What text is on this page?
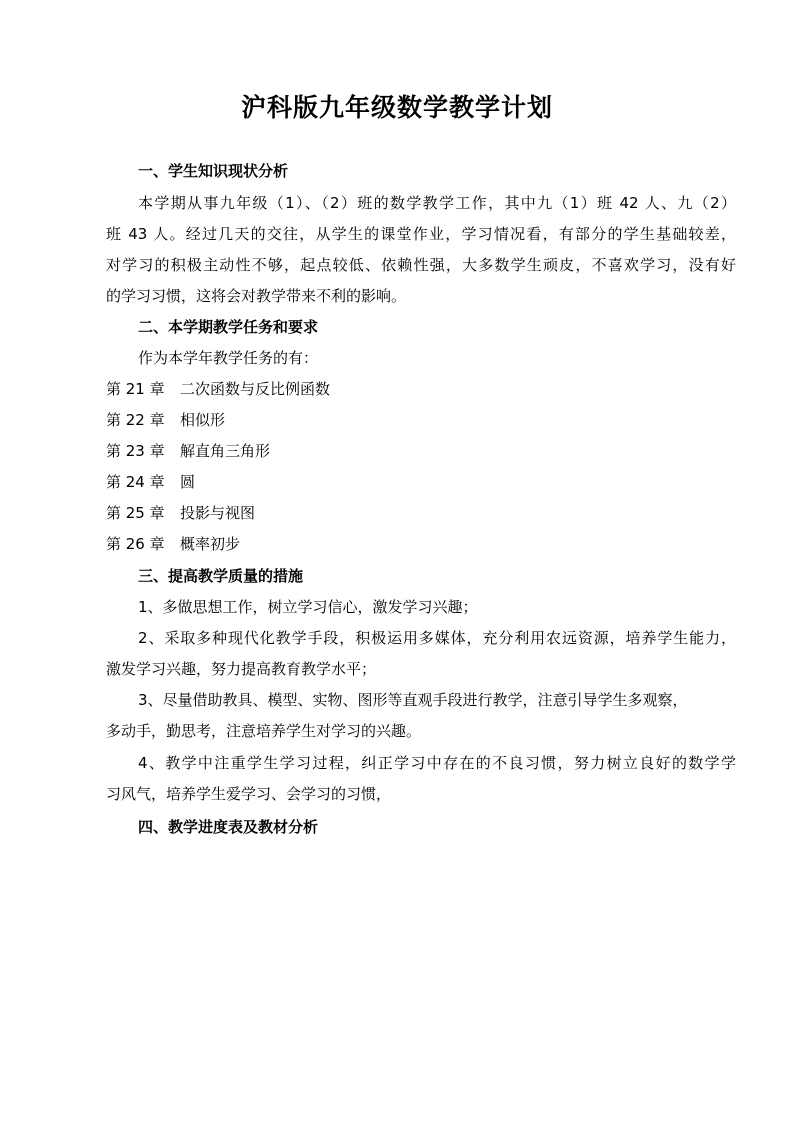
沪科版九年级数学教学计划
一、学生知识现状分析
本学期从事九年级（1）、（2）班的数学教学工作，其中九（1）班 42 人、九（2）
班 43 人。经过几天的交往，从学生的课堂作业，学习情况看，有部分的学生基础较差，
对学习的积极主动性不够，起点较低、依赖性强，大多数学生顽皮，不喜欢学习，没有好
的学习习惯，这将会对教学带来不利的影响。
二、本学期教学任务和要求
作为本学年教学任务的有：
第 21 章 二次函数与反比例函数
第 22 章 相似形
第 23 章 解直角三角形
第 24 章 圆
第 25 章 投影与视图
第 26 章 概率初步
三、提高教学质量的措施
1、多做思想工作，树立学习信心，激发学习兴趣；
2、采取多种现代化教学手段，积极运用多媒体，充分利用农远资源，培养学生能力，
激发学习兴趣，努力提高教育教学水平；
3、尽量借助教具、模型、实物、图形等直观手段进行教学，注意引导学生多观察，
多动手，勤思考，注意培养学生对学习的兴趣。
4、教学中注重学生学习过程，纠正学习中存在的不良习惯，努力树立良好的数学学
习风气，培养学生爱学习、会学习的习惯，
四、教学进度表及教材分析
